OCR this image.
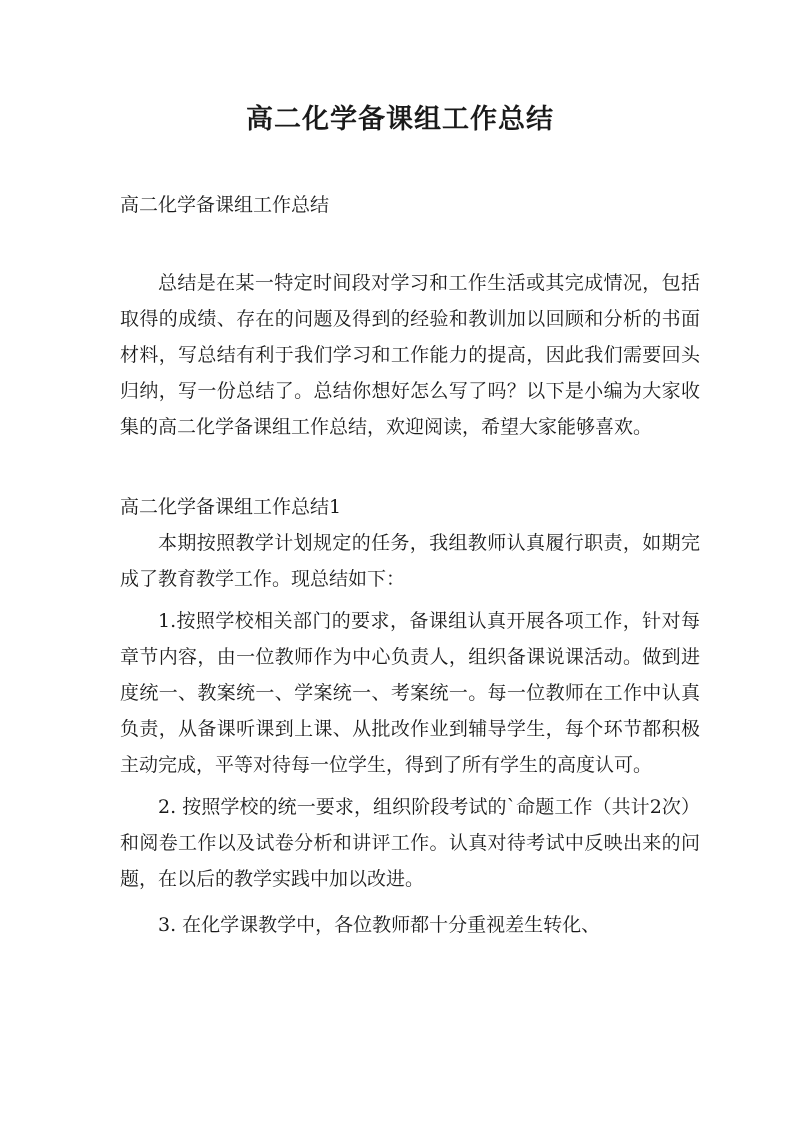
高二化学备课组工作总结

高二化学备课组工作总结

总结是在某一特定时间段对学习和工作生活或其完成情况，包括取得的成绩、存在的问题及得到的经验和教训加以回顾和分析的书面材料，写总结有利于我们学习和工作能力的提高，因此我们需要回头归纳，写一份总结了。总结你想好怎么写了吗？以下是小编为大家收集的高二化学备课组工作总结，欢迎阅读，希望大家能够喜欢。

高二化学备课组工作总结1

本期按照教学计划规定的任务，我组教师认真履行职责，如期完成了教育教学工作。现总结如下：

1.按照学校相关部门的要求，备课组认真开展各项工作，针对每章节内容，由一位教师作为中心负责人，组织备课说课活动。做到进度统一、教案统一、学案统一、考案统一。每一位教师在工作中认真负责，从备课听课到上课、从批改作业到辅导学生，每个环节都积极主动完成，平等对待每一位学生，得到了所有学生的高度认可。

2. 按照学校的统一要求，组织阶段考试的`命题工作（共计2次）和阅卷工作以及试卷分析和讲评工作。认真对待考试中反映出来的问题，在以后的教学实践中加以改进。

3. 在化学课教学中，各位教师都十分重视差生转化、
